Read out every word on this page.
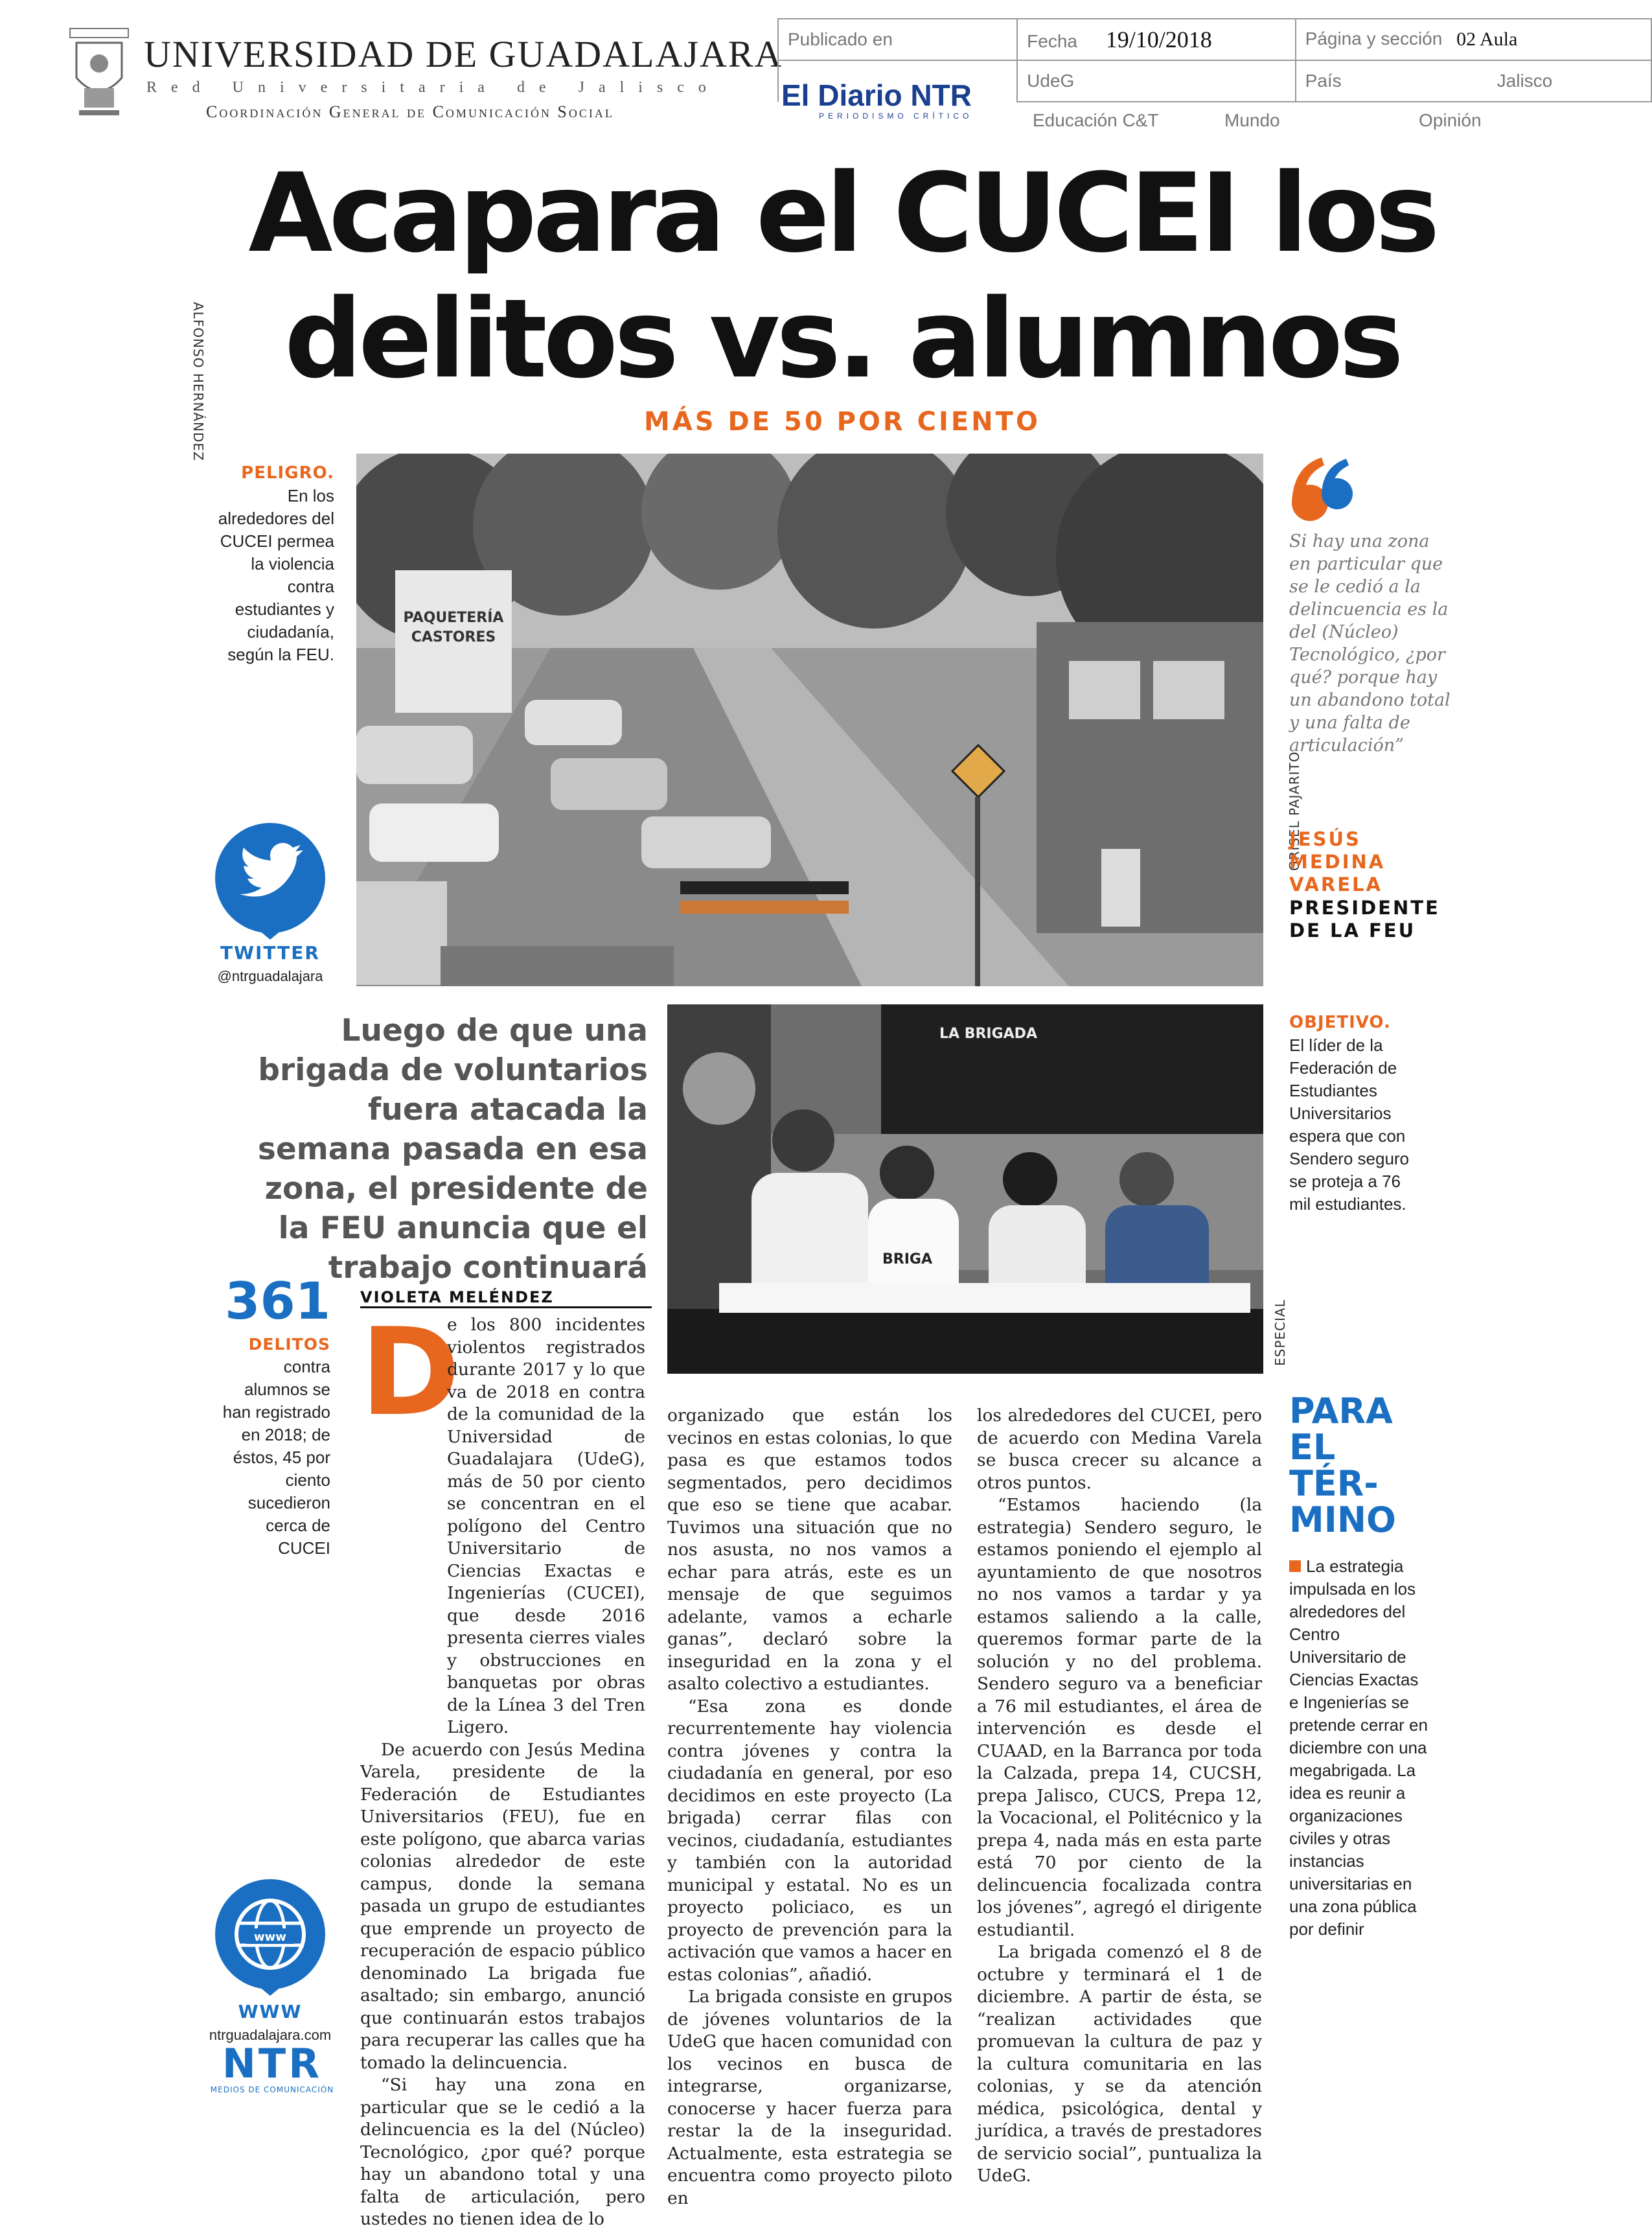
UNIVERSIDAD DE GUADALAJARA
Red Universitaria de Jalisco
Coordinación General de Comunicación Social
Publicado en	Fecha 19/10/2018	Página y sección 02 Aula
	UdeG	País Jalisco
Educación C&T	Mundo	Opinión
El Diario NTR
PERIODISMO CRÍTICO
Acapara el CUCEI los
delitos vs. alumnos
ALFONSO HERNÁNDEZ	MÁS DE 50 POR CIENTO
PELIGRO.
En los alrededores del CUCEI permea la violencia contra estudiantes y ciudadanía, según la FEU.
PAQUETERÍA
CASTORES
GRISEL PAJARITO
Si hay una zona en particular que se le cedió a la delincuencia es la del (Núcleo) Tecnológico, ¿por qué? porque hay un abandono total y una falta de articulación”
JESÚS MEDINA VARELA
PRESIDENTE DE LA FEU
TWITTER
@ntrguadalajara
Luego de que una brigada de voluntarios fuera atacada la semana pasada en esa zona, el presidente de la FEU anuncia que el trabajo continuará
LA BRIGADA
BRIGA
ESPECIAL
OBJETIVO.
El líder de la Federación de Estudiantes Universitarios espera que con Sendero seguro se proteja a 76 mil estudiantes.
361
DELITOS
contra alumnos se han registrado en 2018; de éstos, 45 por ciento sucedieron cerca de CUCEI
VIOLETA MELÉNDEZ
D

e los 800 incidentes violentos registrados durante 2017 y lo que va de 2018 en contra de la comunidad de la Universidad de Guadalajara (UdeG), más de 50 por ciento se concentran en el polígono del Centro Universitario de Ciencias Exactas e Ingenierías (CUCEI), que desde 2016 presenta cierres viales y obstrucciones en banquetas por obras de la Línea 3 del Tren Ligero.

De acuerdo con Jesús Medina Varela, presidente de la Federación de Estudiantes Universitarios (FEU), fue en este polígono, que abarca varias colonias alrededor de este campus, donde la semana pasada un grupo de estudiantes que emprende un proyecto de recuperación de espacio público denominado La brigada fue asaltado; sin embargo, anunció que continuarán estos trabajos para recuperar las calles que ha tomado la delincuencia.

“Si hay una zona en particular que se le cedió a la delincuencia es la del (Núcleo) Tecnológico, ¿por qué? porque hay un abandono total y una falta de articulación, pero ustedes no tienen idea de lo

organizado que están los vecinos en estas colonias, lo que pasa es que estamos todos segmentados, pero decidimos que eso se tiene que acabar. Tuvimos una situación que no nos asusta, no nos vamos a echar para atrás, este es un mensaje de que seguimos adelante, vamos a echarle ganas”, declaró sobre la inseguridad en la zona y el asalto colectivo a estudiantes.

“Esa zona es donde recurrentemente hay violencia contra jóvenes y contra la ciudadanía en general, por eso decidimos en este proyecto (La brigada) cerrar filas con vecinos, ciudadanía, estudiantes y también con la autoridad municipal y estatal. No es un proyecto policiaco, es un proyecto de prevención para la activación que vamos a hacer en estas colonias”, añadió.

La brigada consiste en grupos de jóvenes voluntarios de la UdeG que hacen comunidad con los vecinos en busca de integrarse, organizarse, conocerse y hacer fuerza para restar la de la inseguridad. Actualmente, esta estrategia se encuentra como proyecto piloto en

los alrededores del CUCEI, pero de acuerdo con Medina Varela se busca crecer su alcance a otros puntos.

“Estamos haciendo (la estrategia) Sendero seguro, le estamos poniendo el ejemplo al ayuntamiento de que nosotros no nos vamos a tardar y ya estamos saliendo a la calle, queremos formar parte de la solución y no del problema. Sendero seguro va a beneficiar a 76 mil estudiantes, el área de intervención es desde el CUAAD, en la Barranca por toda la Calzada, prepa 14, CUCSH, prepa Jalisco, CUCS, Prepa 12, la Vocacional, el Politécnico y la prepa 4, nada más en esta parte está 70 por ciento de la delincuencia focalizada contra los jóvenes”, agregó el dirigente estudiantil.

La brigada comenzó el 8 de octubre y terminará el 1 de diciembre. A partir de ésta, se “realizan actividades que promuevan la cultura de paz y la cultura comunitaria en las colonias, y se da atención médica, psicológica, dental y jurídica, a través de prestadores de servicio social”, puntualiza la UdeG.

PARA EL TÉR-MINO
La estrategia impulsada en los alrededores del Centro Universitario de Ciencias Exactas e Ingenierías se pretende cerrar en diciembre con una megabrigada. La idea es reunir a organizaciones civiles y otras instancias universitarias en una zona pública por definir
www
WWW
ntrguadalajara.com
NTR
MEDIOS DE COMUNICACIÓN
